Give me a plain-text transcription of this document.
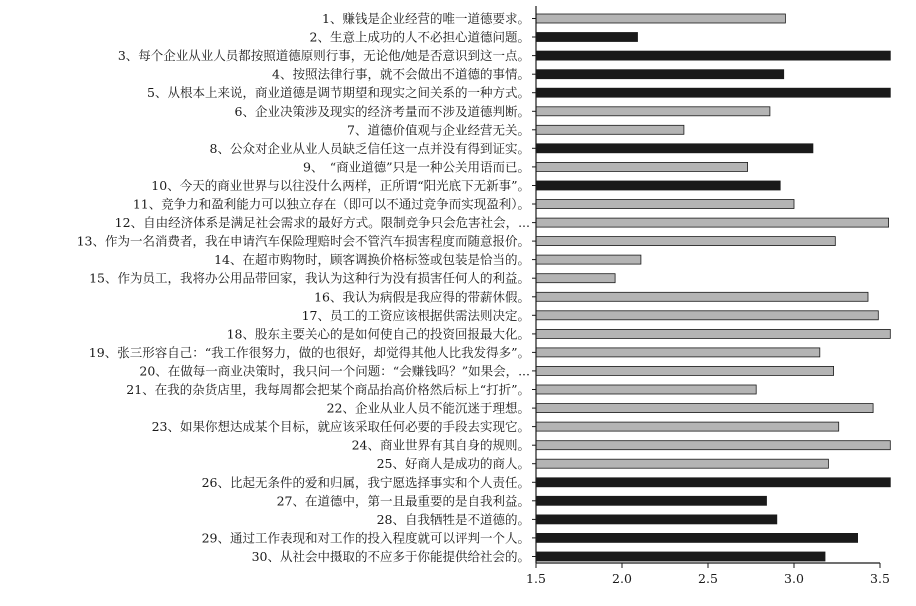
1、赚钱是企业经营的唯一道德要求。
2、生意上成功的人不必担心道德问题。
3、每个企业从业人员都按照道德原则行事，无论他/她是否意识到这一点。
4、按照法律行事，就不会做出不道德的事情。
5、从根本上来说，商业道德是调节期望和现实之间关系的一种方式。
6、企业决策涉及现实的经济考量而不涉及道德判断。
7、道德价值观与企业经营无关。
8、公众对企业从业人员缺乏信任这一点并没有得到证实。
9、　“商业道德”只是一种公关用语而已。
10、今天的商业世界与以往没什么两样，正所谓“阳光底下无新事”。
11、竞争力和盈利能力可以独立存在（即可以不通过竞争而实现盈利）。
12、自由经济体系是满足社会需求的最好方式。限制竞争只会危害社会，...
13、作为一名消费者，我在申请汽车保险理赔时会不管汽车损害程度而随意报价。
14、在超市购物时，顾客调换价格标签或包装是恰当的。
15、作为员工，我将办公用品带回家，我认为这种行为没有损害任何人的利益。
16、我认为病假是我应得的带薪休假。
17、员工的工资应该根据供需法则决定。
18、股东主要关心的是如何使自己的投资回报最大化。
19、张三形容自己：“我工作很努力，做的也很好，却觉得其他人比我发得多”。
20、在做每一商业决策时，我只问一个问题：“会赚钱吗？”如果会，...
21、在我的杂货店里，我每周都会把某个商品抬高价格然后标上“打折”。
22、企业从业人员不能沉迷于理想。
23、如果你想达成某个目标，就应该采取任何必要的手段去实现它。
24、商业世界有其自身的规则。
25、好商人是成功的商人。
26、比起无条件的爱和归属，我宁愿选择事实和个人责任。
27、在道德中，第一且最重要的是自我利益。
28、自我牺牲是不道德的。
29、通过工作表现和对工作的投入程度就可以评判一个人。
30、从社会中摄取的不应多于你能提供给社会的。
1.5	2.0	2.5	3.0	3.5
